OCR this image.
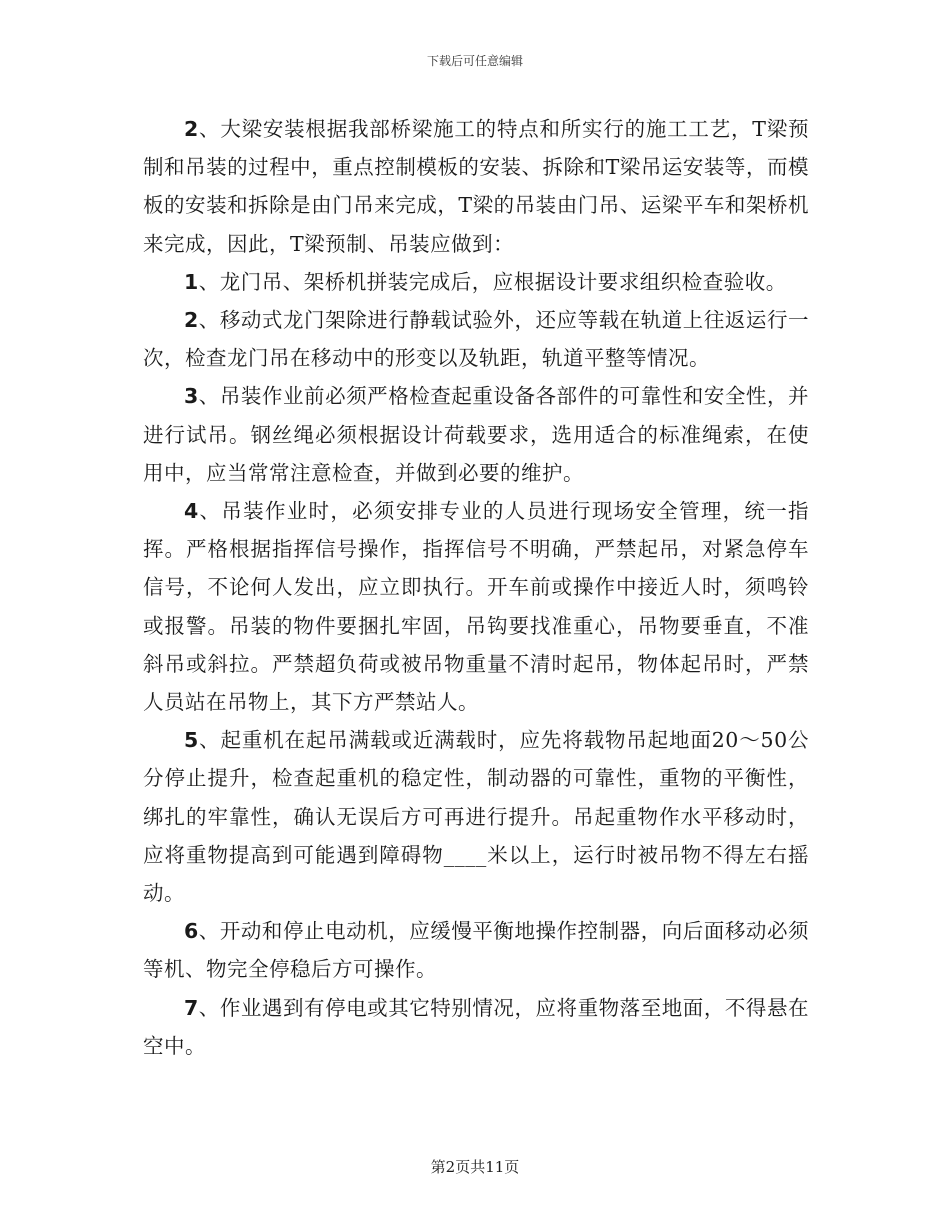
下载后可任意编辑

2、大梁安装根据我部桥梁施工的特点和所实行的施工工艺，T梁预制和吊装的过程中，重点控制模板的安装、拆除和T梁吊运安装等，而模板的安装和拆除是由门吊来完成，T梁的吊装由门吊、运梁平车和架桥机来完成，因此，T梁预制、吊装应做到：

1、龙门吊、架桥机拼装完成后，应根据设计要求组织检查验收。

2、移动式龙门架除进行静载试验外，还应等载在轨道上往返运行一次，检查龙门吊在移动中的形变以及轨距，轨道平整等情况。

3、吊装作业前必须严格检查起重设备各部件的可靠性和安全性，并进行试吊。钢丝绳必须根据设计荷载要求，选用适合的标准绳索，在使用中，应当常常注意检查，并做到必要的维护。

4、吊装作业时，必须安排专业的人员进行现场安全管理，统一指挥。严格根据指挥信号操作，指挥信号不明确，严禁起吊，对紧急停车信号，不论何人发出，应立即执行。开车前或操作中接近人时，须鸣铃或报警。吊装的物件要捆扎牢固，吊钩要找准重心，吊物要垂直，不准斜吊或斜拉。严禁超负荷或被吊物重量不清时起吊，物体起吊时，严禁人员站在吊物上，其下方严禁站人。

5、起重机在起吊满载或近满载时，应先将载物吊起地面20～50公分停止提升，检查起重机的稳定性，制动器的可靠性，重物的平衡性，绑扎的牢靠性，确认无误后方可再进行提升。吊起重物作水平移动时，应将重物提高到可能遇到障碍物____米以上，运行时被吊物不得左右摇动。

6、开动和停止电动机，应缓慢平衡地操作控制器，向后面移动必须等机、物完全停稳后方可操作。

7、作业遇到有停电或其它特别情况，应将重物落至地面，不得悬在空中。

第2页共11页
